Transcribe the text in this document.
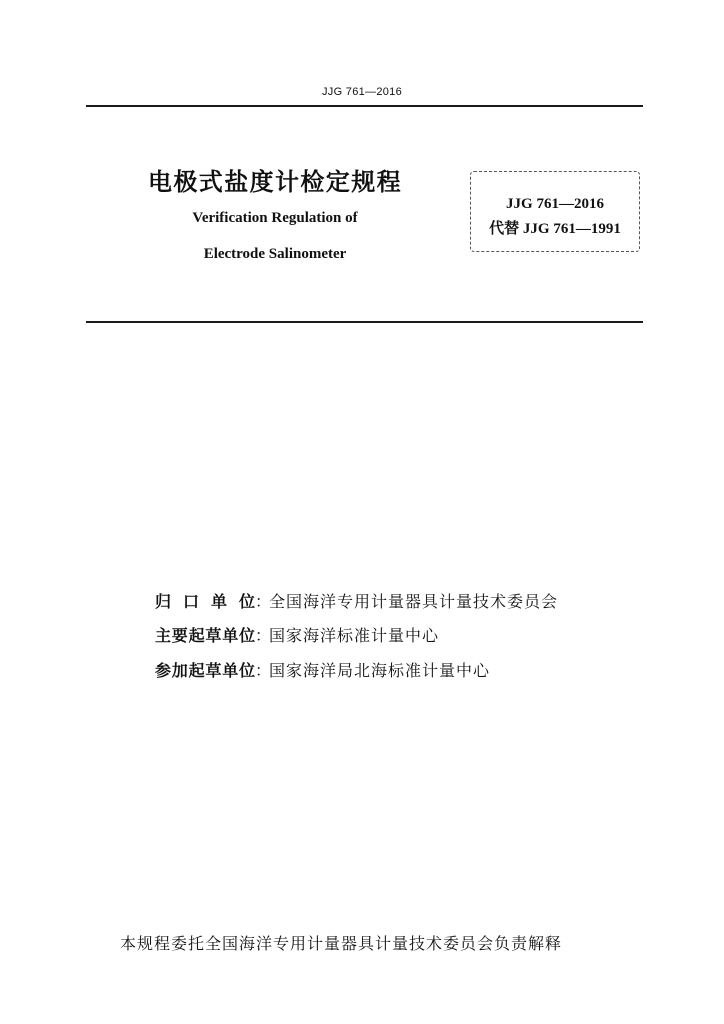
JJG 761—2016
电极式盐度计检定规程
Verification Regulation of
Electrode Salinometer
JJG 761—2016
代替 JJG 761—1991
归 口 单 位：全国海洋专用计量器具计量技术委员会
主要起草单位：国家海洋标准计量中心
参加起草单位：国家海洋局北海标准计量中心
本规程委托全国海洋专用计量器具计量技术委员会负责解释
